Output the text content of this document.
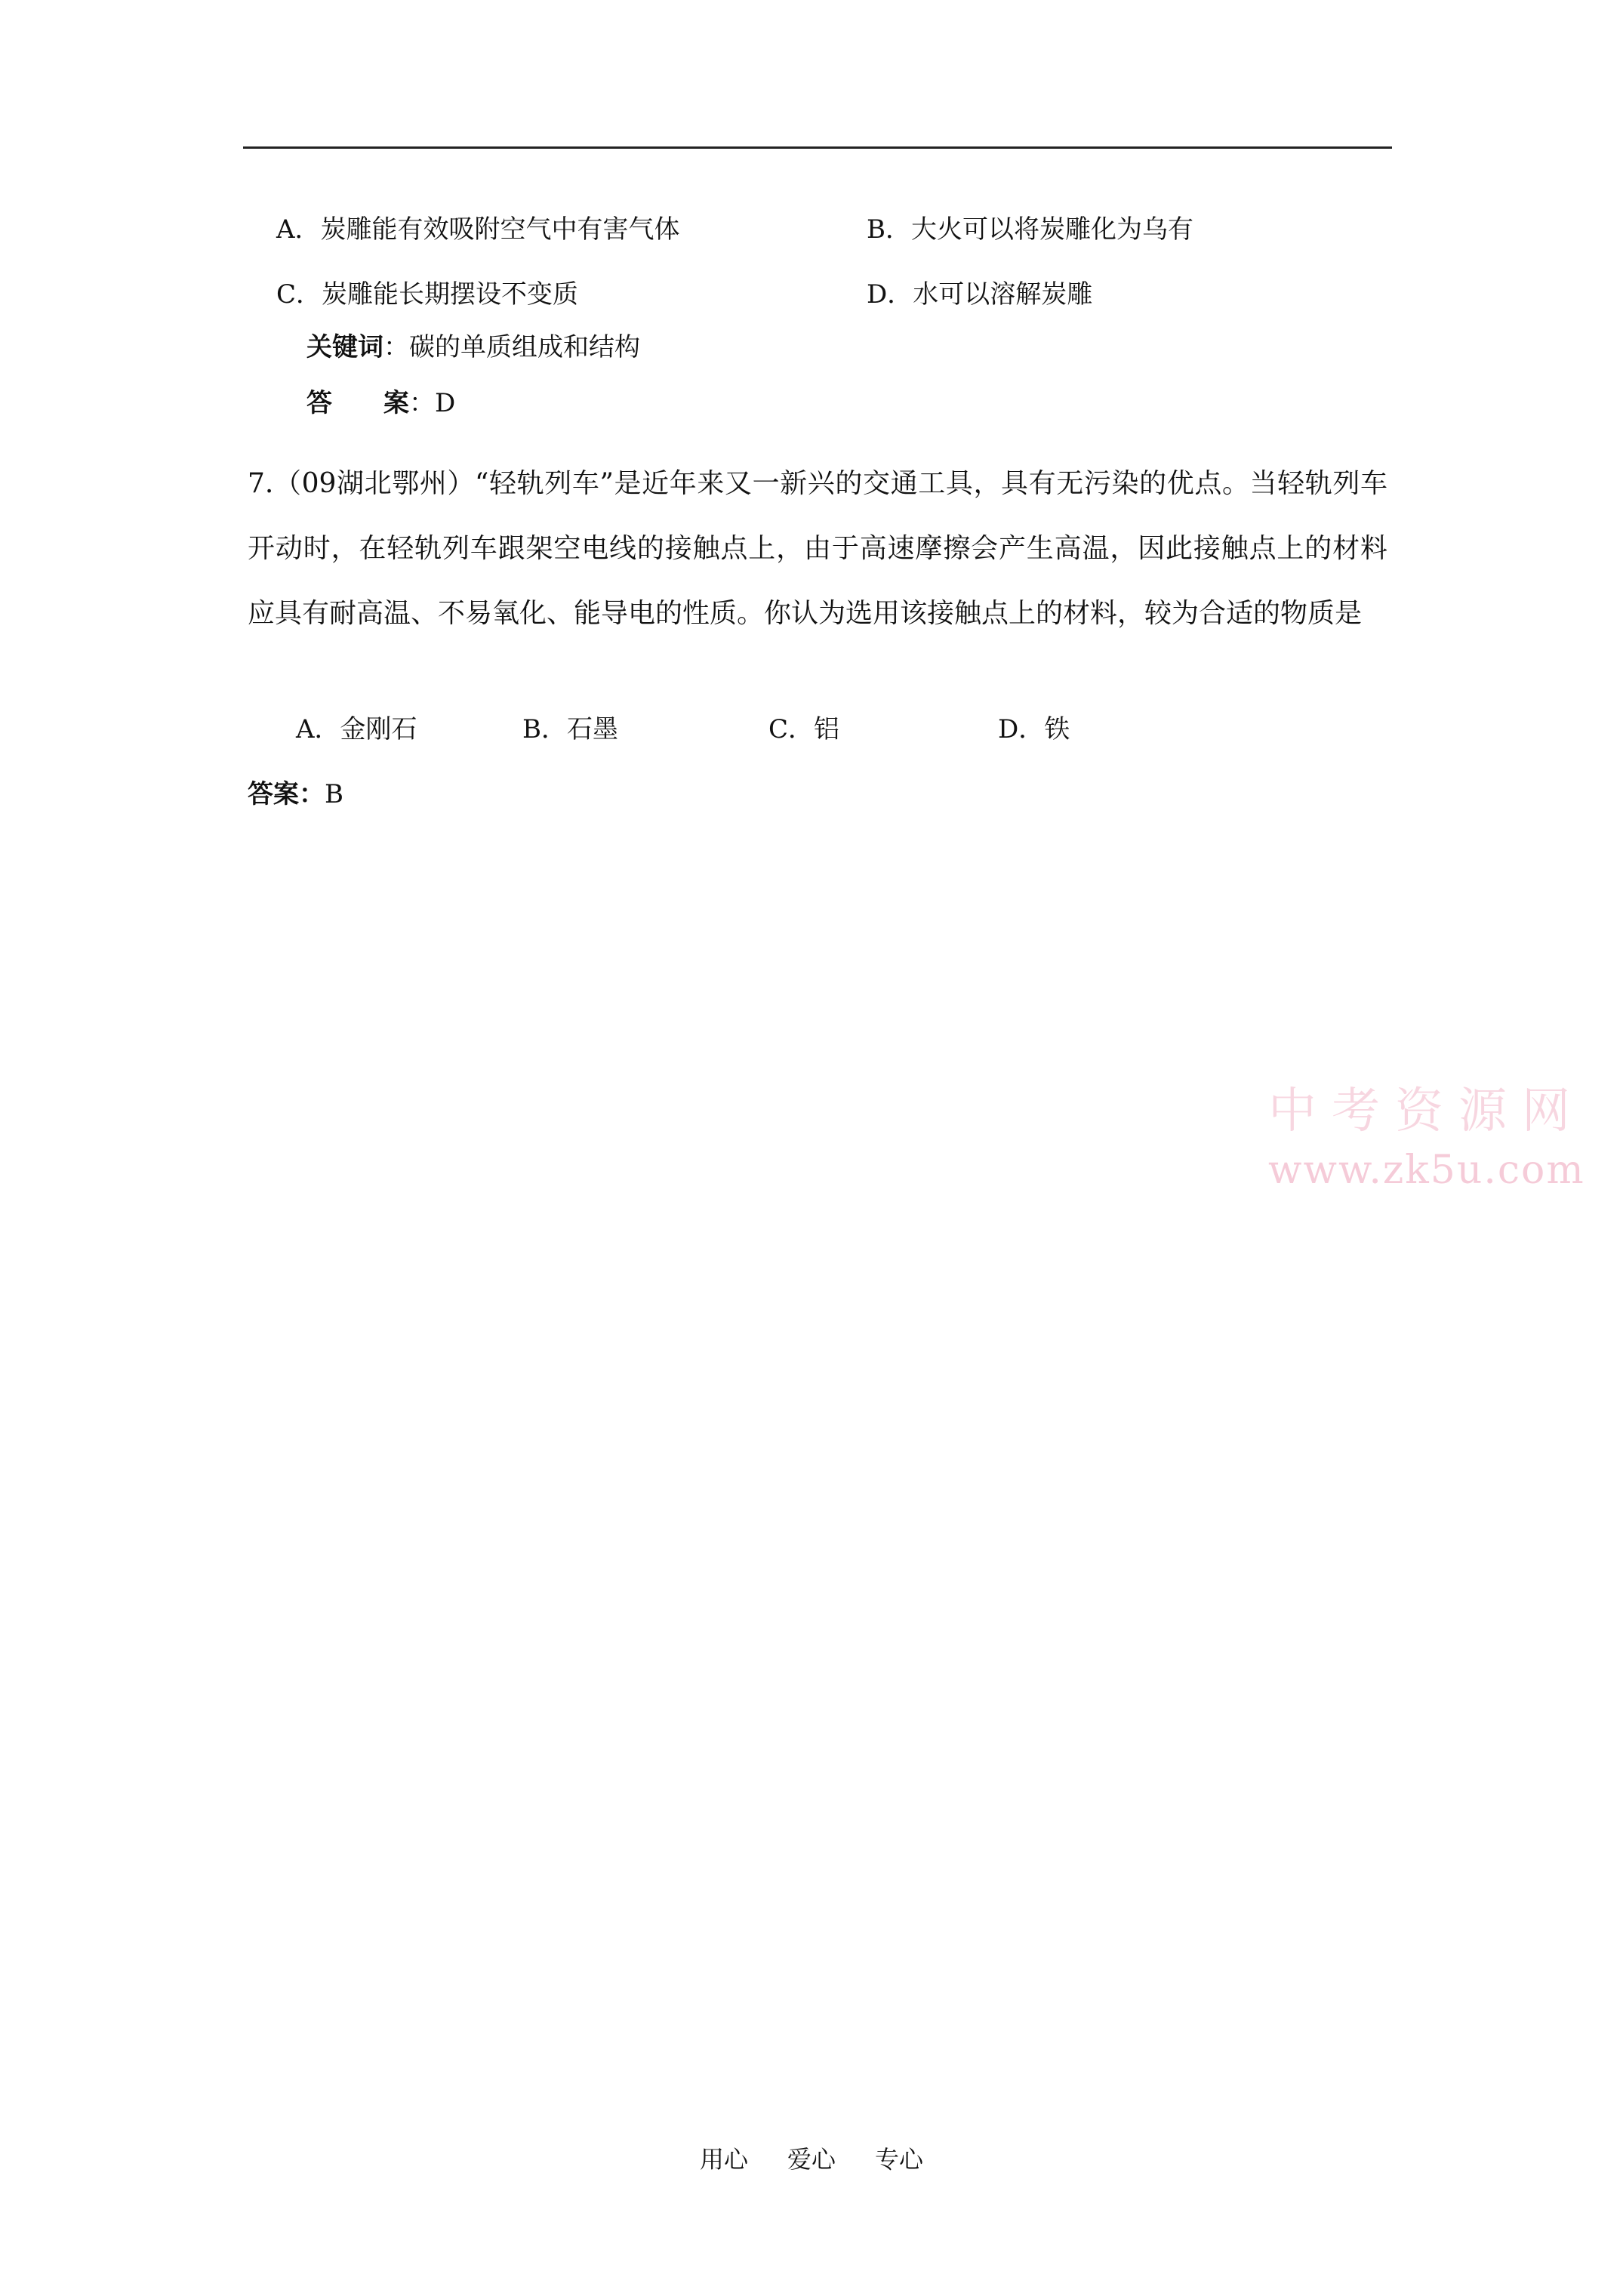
A．炭雕能有效吸附空气中有害气体	B．大火可以将炭雕化为乌有
C．炭雕能长期摆设不变质	D．水可以溶解炭雕
关键词：碳的单质组成和结构
答　　案：D
7.（09湖北鄂州）“轻轨列车”是近年来又一新兴的交通工具，具有无污染的优点。当轻轨列车开动时，在轻轨列车跟架空电线的接触点上，由于高速摩擦会产生高温，因此接触点上的材料应具有耐高温、不易氧化、能导电的性质。你认为选用该接触点上的材料，较为合适的物质是
A．金刚石	B．石墨	C．铝	D．铁
答案：B
中考资源网
www.zk5u.com
用心 爱心 专心
